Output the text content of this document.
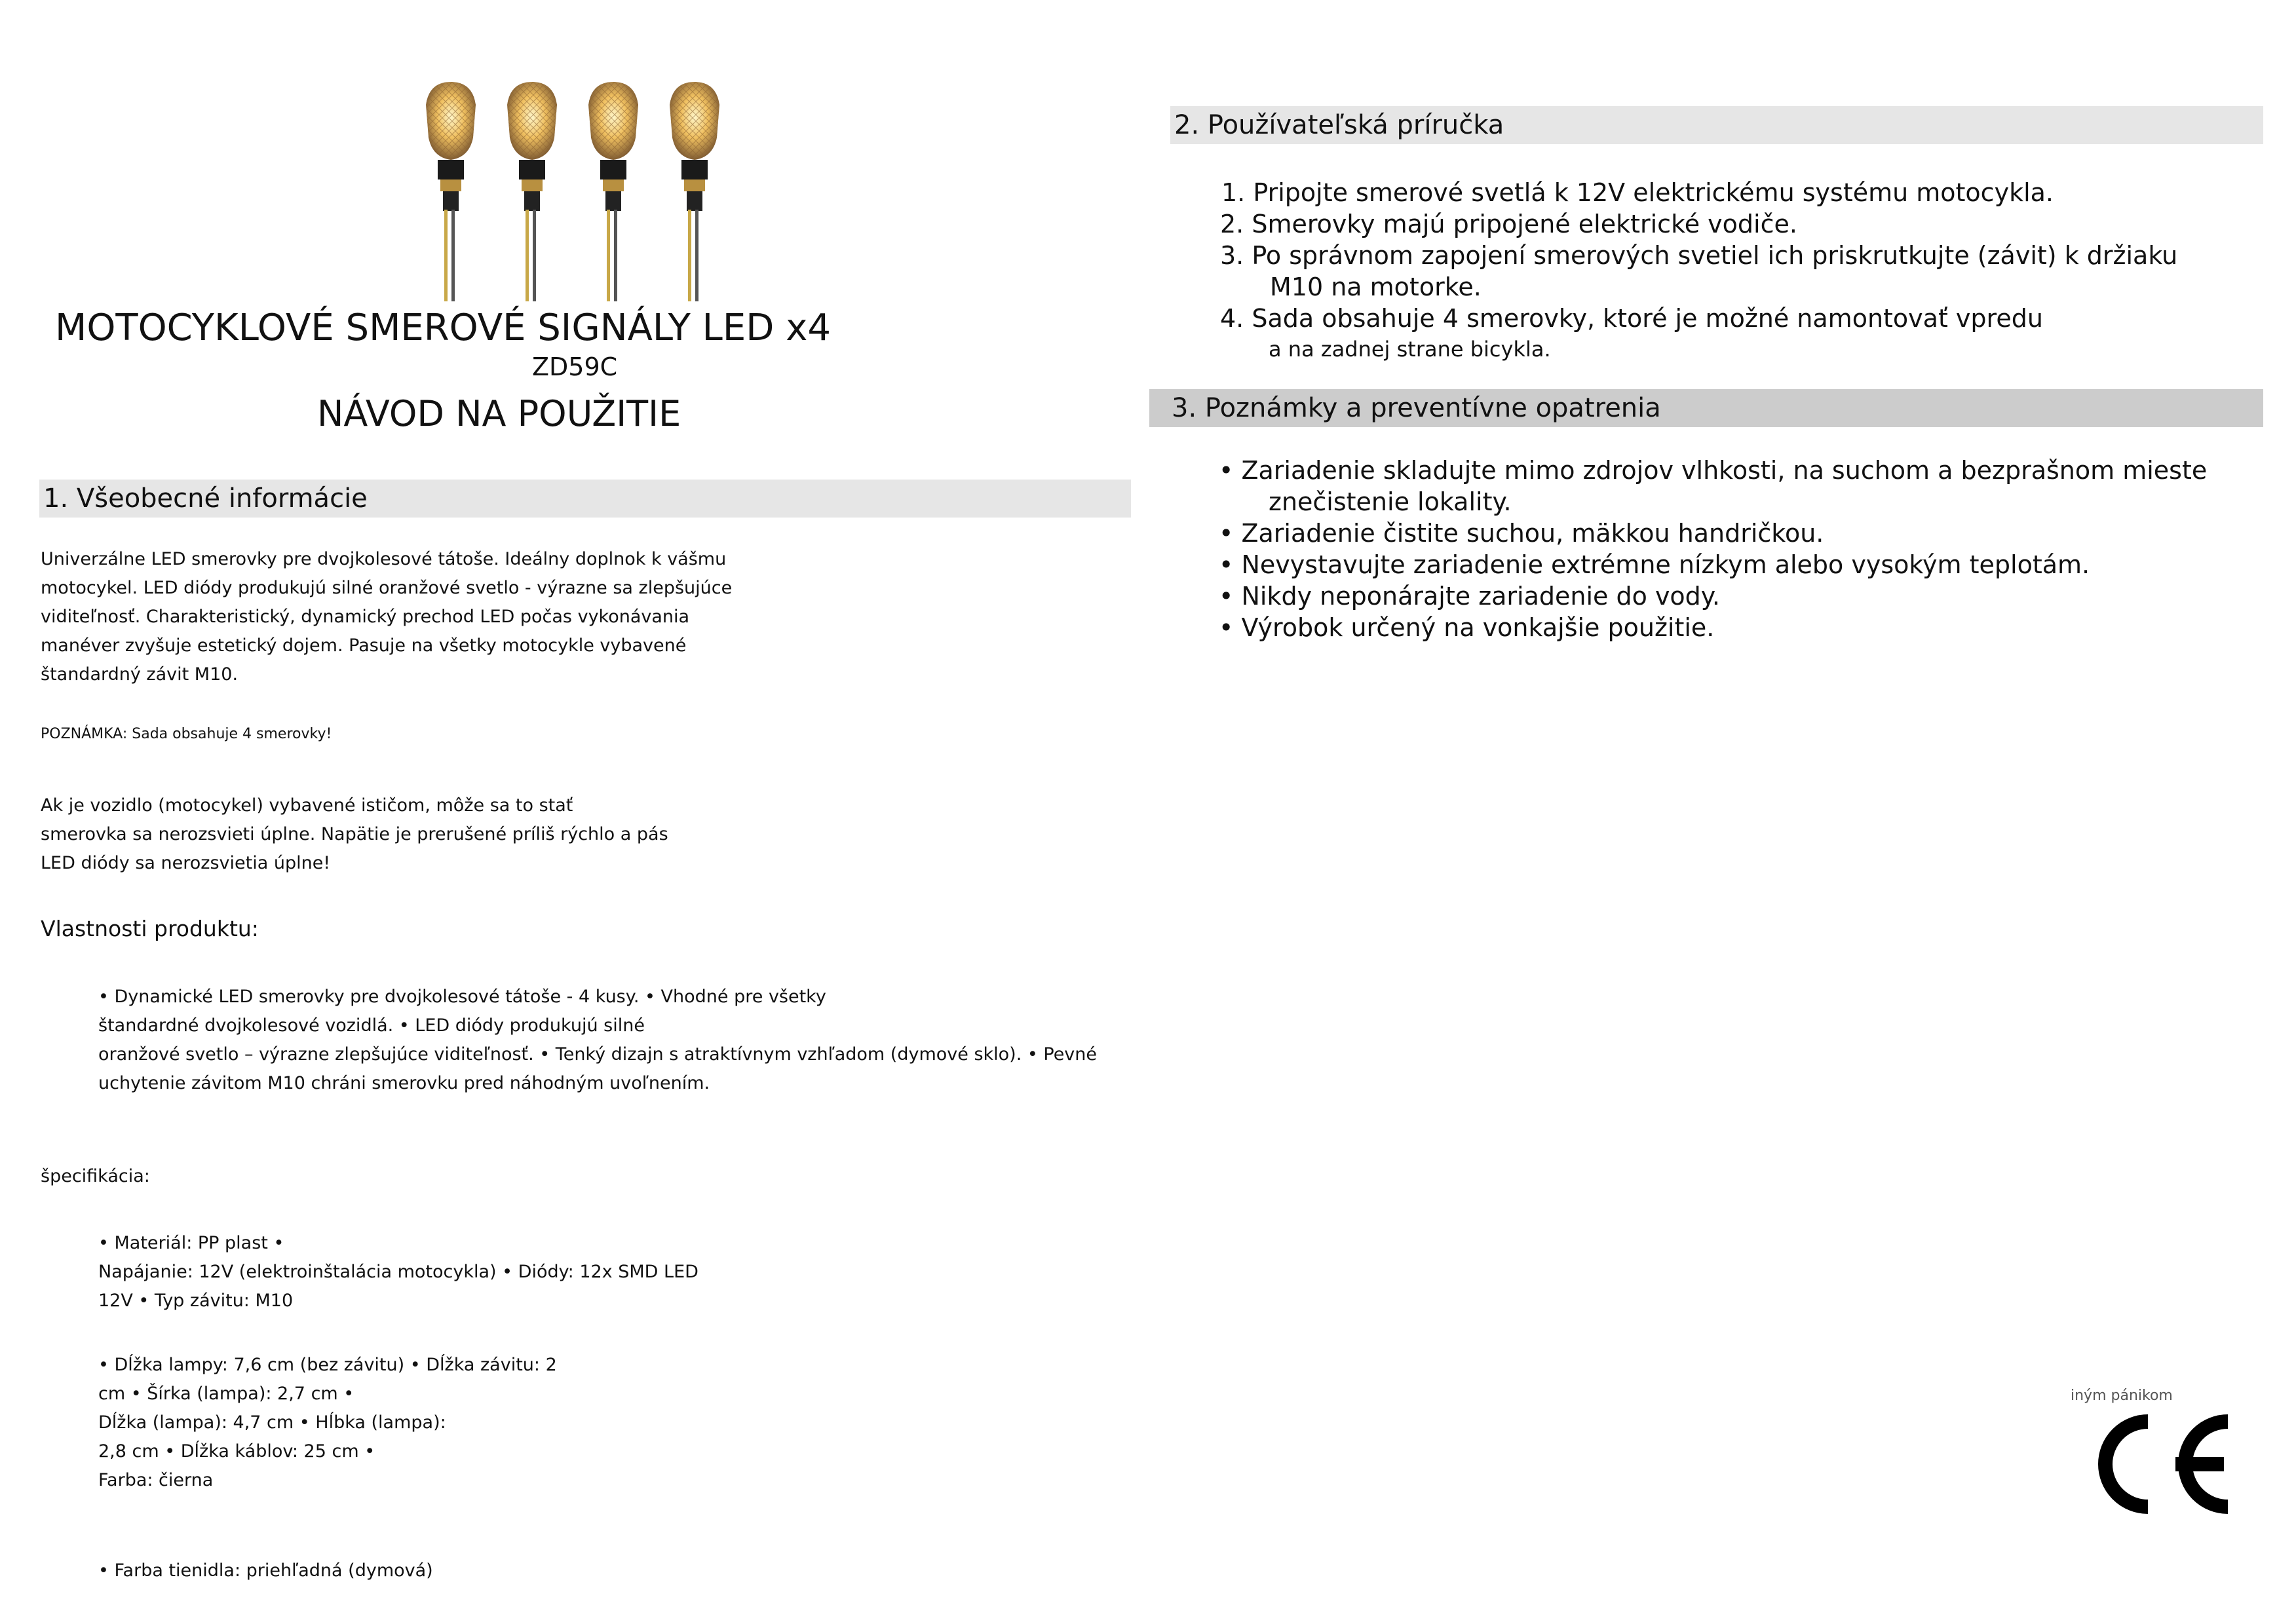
MOTOCYKLOVÉ SMEROVÉ SIGNÁLY LED x4
ZD59C
NÁVOD NA POUŽITIE
1. Všeobecné informácie
Univerzálne LED smerovky pre dvojkolesové tátoše. Ideálny doplnok k vášmu
motocykel. LED diódy produkujú silné oranžové svetlo - výrazne sa zlepšujúce
viditeľnosť. Charakteristický, dynamický prechod LED počas vykonávania
manéver zvyšuje estetický dojem. Pasuje na všetky motocykle vybavené
štandardný závit M10.
POZNÁMKA: Sada obsahuje 4 smerovky!
Ak je vozidlo (motocykel) vybavené ističom, môže sa to stať
smerovka sa nerozsvieti úplne. Napätie je prerušené príliš rýchlo a pás
LED diódy sa nerozsvietia úplne!
Vlastnosti produktu:
• Dynamické LED smerovky pre dvojkolesové tátoše - 4 kusy. • Vhodné pre všetky
štandardné dvojkolesové vozidlá. • LED diódy produkujú silné
oranžové svetlo – výrazne zlepšujúce viditeľnosť. • Tenký dizajn s atraktívnym vzhľadom (dymové sklo). • Pevné
uchytenie závitom M10 chráni smerovku pred náhodným uvoľnením.
špecifikácia:
• Materiál: PP plast •
Napájanie: 12V (elektroinštalácia motocykla) • Diódy: 12x SMD LED
12V • Typ závitu: M10
• Dĺžka lampy: 7,6 cm (bez závitu) • Dĺžka závitu: 2
cm • Šírka (lampa): 2,7 cm •
Dĺžka (lampa): 4,7 cm • Hĺbka (lampa):
2,8 cm • Dĺžka káblov: 25 cm •
Farba: čierna
• Farba tienidla: priehľadná (dymová)
2. Používateľská príručka
1. Pripojte smerové svetlá k 12V elektrickému systému motocykla.
2. Smerovky majú pripojené elektrické vodiče.
3. Po správnom zapojení smerových svetiel ich priskrutkujte (závit) k držiaku
M10 na motorke.
4. Sada obsahuje 4 smerovky, ktoré je možné namontovať vpredu
a na zadnej strane bicykla.
3. Poznámky a preventívne opatrenia
• Zariadenie skladujte mimo zdrojov vlhkosti, na suchom a bezprašnom mieste
znečistenie lokality.
• Zariadenie čistite suchou, mäkkou handričkou.
• Nevystavujte zariadenie extrémne nízkym alebo vysokým teplotám.
• Nikdy neponárajte zariadenie do vody.
• Výrobok určený na vonkajšie použitie.
iným pánikom
